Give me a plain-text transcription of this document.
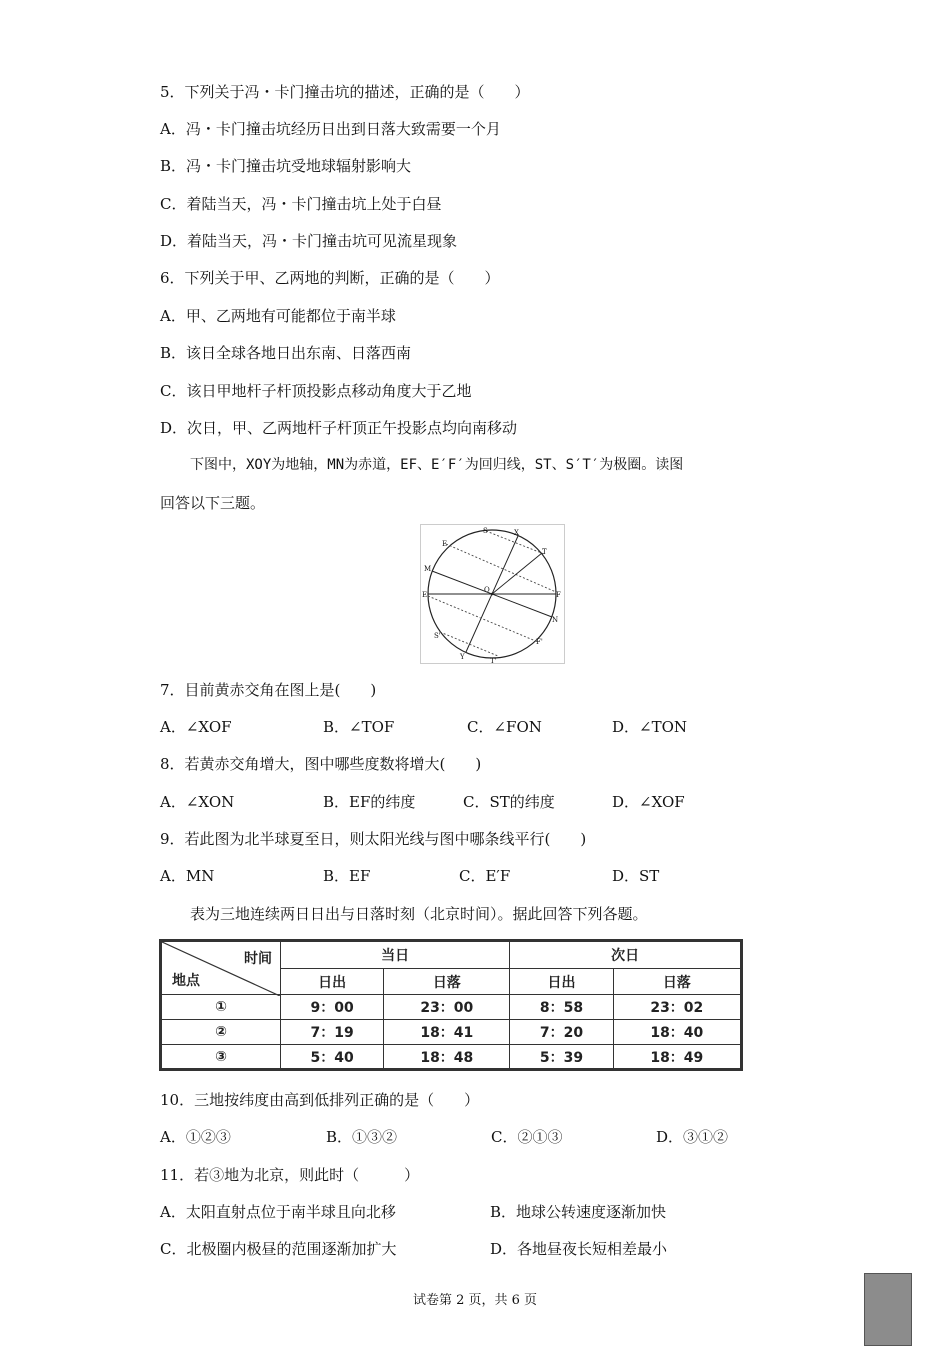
5．下列关于冯・卡门撞击坑的描述，正确的是（　　）
A．冯・卡门撞击坑经历日出到日落大致需要一个月
B．冯・卡门撞击坑受地球辐射影响大
C．着陆当天，冯・卡门撞击坑上处于白昼
D．着陆当天，冯・卡门撞击坑可见流星现象
6．下列关于甲、乙两地的判断，正确的是（　　）
A．甲、乙两地有可能都位于南半球
B．该日全球各地日出东南、日落西南
C．该日甲地杆子杆顶投影点移动角度大于乙地
D．次日，甲、乙两地杆子杆顶正午投影点均向南移动
下图中，XOY为地轴，MN为赤道，EF、E′F′为回归线，ST、S′T′为极圈。读图
回答以下三题。
S	X
T
E
M
O
E'	F
N
S'
F'
Y	T'
7．目前黄赤交角在图上是(　　)
A．∠XOF	B．∠TOF	C．∠FON	D．∠TON
8．若黄赤交角增大，图中哪些度数将增大(　　)
A．∠XON	B．EF的纬度	C．ST的纬度	D．∠XOF
9．若此图为北半球夏至日，则太阳光线与图中哪条线平行(　　)
A．MN	B．EF	C．E′F	D．ST
表为三地连续两日日出与日落时刻（北京时间）。据此回答下列各题。
时间
地点	当日		次日	
	日出	日落	日出	日落
①	9：00	23：00	8：58	23：02
②	7：19	18：41	7：20	18：40
③	5：40	18：48	5：39	18：49
10．三地按纬度由高到低排列正确的是（　　）
A．①②③	B．①③②	C．②①③	D．③①②
11．若③地为北京，则此时（　　　）
A．太阳直射点位于南半球且向北移	B．地球公转速度逐渐加快
C．北极圈内极昼的范围逐渐加扩大	D．各地昼夜长短相差最小
试卷第 2 页，共 6 页
